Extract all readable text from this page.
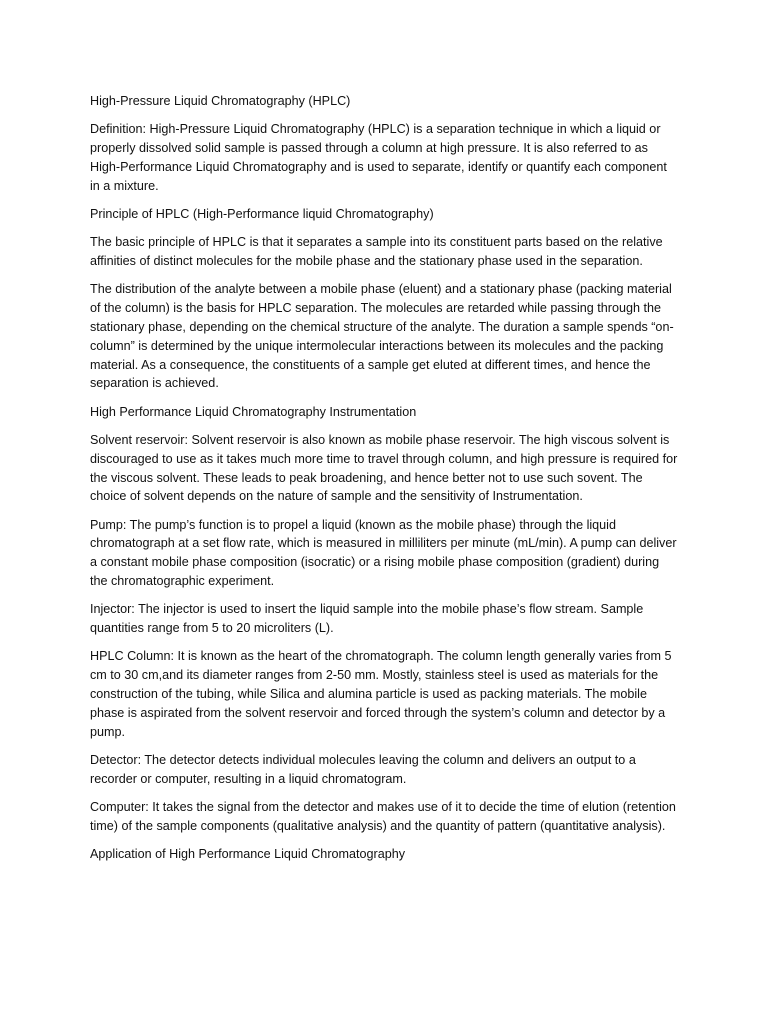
High-Pressure Liquid Chromatography (HPLC)

Definition: High-Pressure Liquid Chromatography (HPLC) is a separation technique in which a liquid or properly dissolved solid sample is passed through a column at high pressure. It is also referred to as High-Performance Liquid Chromatography and is used to separate, identify or quantify each component in a mixture.

Principle of HPLC (High-Performance liquid Chromatography)

The basic principle of HPLC is that it separates a sample into its constituent parts based on the relative affinities of distinct molecules for the mobile phase and the stationary phase used in the separation.

The distribution of the analyte between a mobile phase (eluent) and a stationary phase (packing material of the column) is the basis for HPLC separation. The molecules are retarded while passing through the stationary phase, depending on the chemical structure of the analyte. The duration a sample spends “on-column” is determined by the unique intermolecular interactions between its molecules and the packing material. As a consequence, the constituents of a sample get eluted at different times, and hence the separation is achieved.

High Performance Liquid Chromatography Instrumentation

Solvent reservoir: Solvent reservoir is also known as mobile phase reservoir. The high viscous solvent is discouraged to use as it takes much more time to travel through column, and high pressure is required for the viscous solvent. These leads to peak broadening, and hence better not to use such sovent. The choice of solvent depends on the nature of sample and the sensitivity of Instrumentation.

Pump: The pump’s function is to propel a liquid (known as the mobile phase) through the liquid chromatograph at a set flow rate, which is measured in milliliters per minute (mL/min). A pump can deliver a constant mobile phase composition (isocratic) or a rising mobile phase composition (gradient) during the chromatographic experiment.

Injector: The injector is used to insert the liquid sample into the mobile phase’s flow stream. Sample quantities range from 5 to 20 microliters (L).

HPLC Column: It is known as the heart of the chromatograph. The column length generally varies from 5 cm to 30 cm,and its diameter ranges from 2-50 mm. Mostly, stainless steel is used as materials for the construction of the tubing, while Silica and alumina particle is used as packing materials. The mobile phase is aspirated from the solvent reservoir and forced through the system’s column and detector by a pump.

Detector: The detector detects individual molecules leaving the column and delivers an output to a recorder or computer, resulting in a liquid chromatogram.

Computer: It takes the signal from the detector and makes use of it to decide the time of elution (retention time) of the sample components (qualitative analysis) and the quantity of pattern (quantitative analysis).

Application of High Performance Liquid Chromatography
